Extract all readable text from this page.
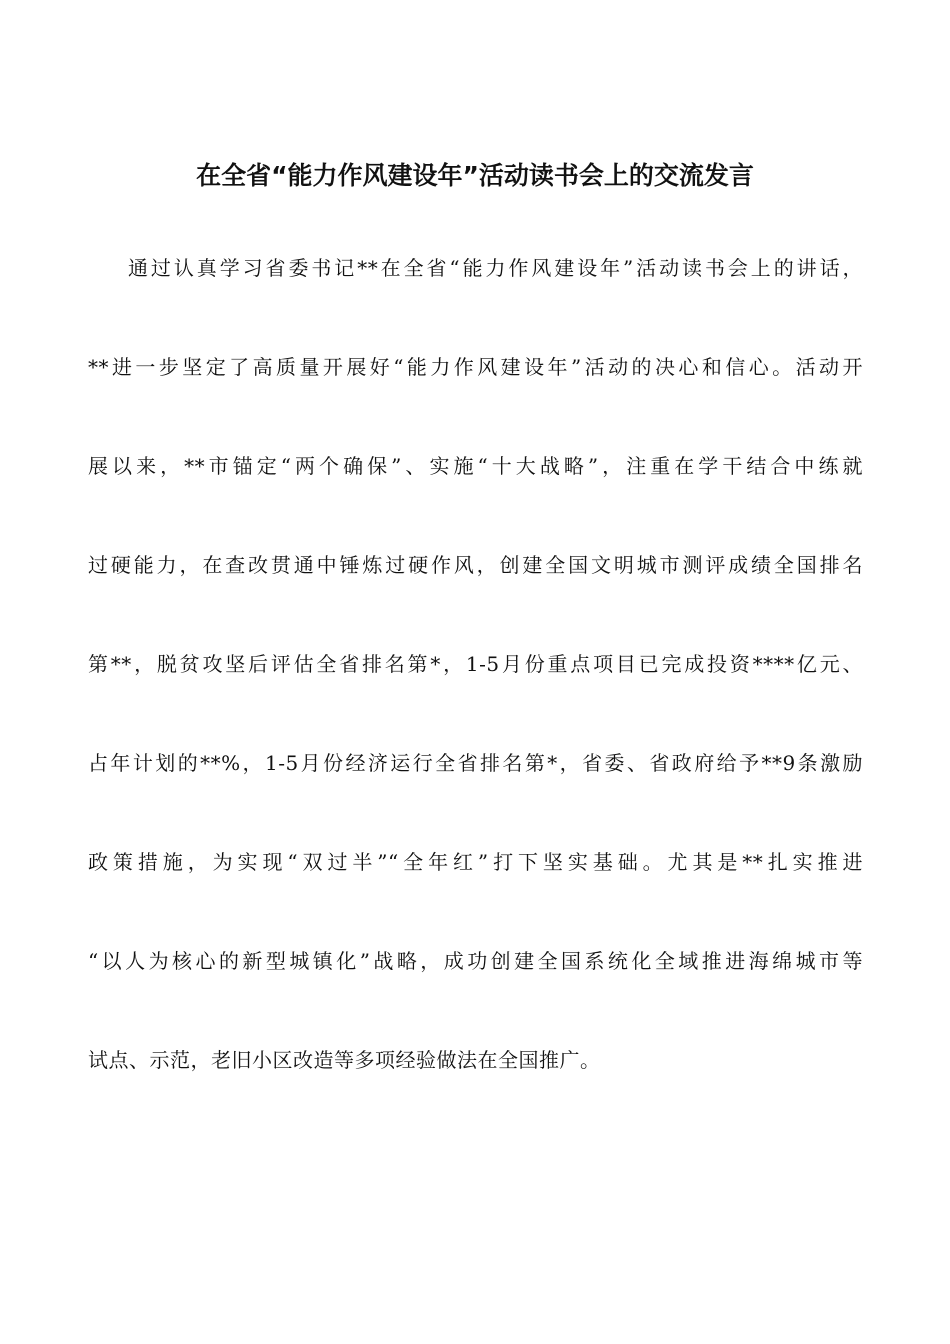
在全省“能力作风建设年”活动读书会上的交流发言
通过认真学习省委书记**在全省“能力作风建设年”活动读书会上的讲话，
**进一步坚定了高质量开展好“能力作风建设年”活动的决心和信心。活动开
展以来，**市锚定“两个确保”、实施“十大战略”，注重在学干结合中练就
过硬能力，在查改贯通中锤炼过硬作风，创建全国文明城市测评成绩全国排名
第**，脱贫攻坚后评估全省排名第*，1-5月份重点项目已完成投资****亿元、
占年计划的**%，1-5月份经济运行全省排名第*，省委、省政府给予**9条激励
政策措施，为实现“双过半”“全年红”打下坚实基础。尤其是**扎实推进
“以人为核心的新型城镇化”战略，成功创建全国系统化全域推进海绵城市等
试点、示范，老旧小区改造等多项经验做法在全国推广。
